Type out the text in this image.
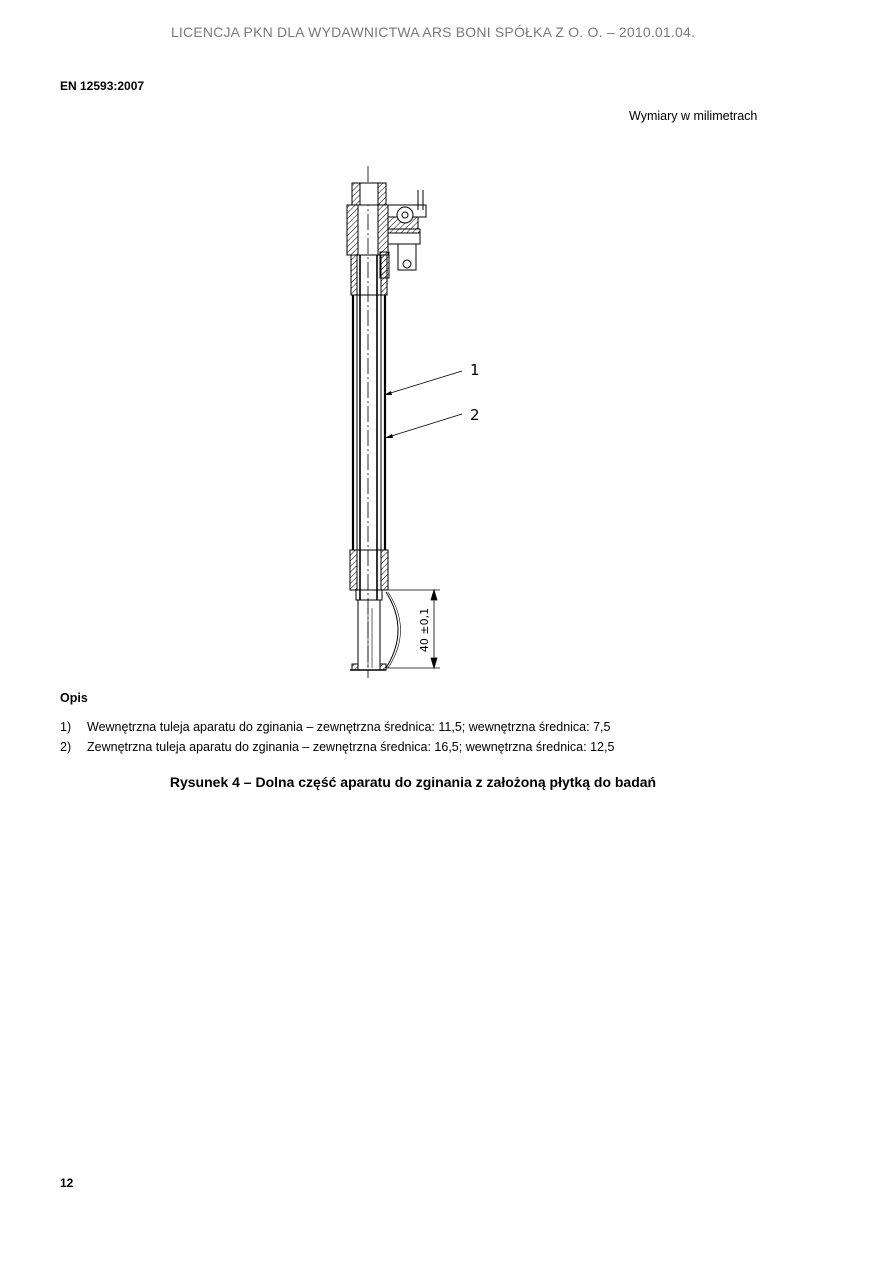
LICENCJA PKN DLA WYDAWNICTWA ARS BONI SPÓŁKA Z O. O. – 2010.01.04.
EN 12593:2007
Wymiary w milimetrach
40 ±0,1
1
2
Opis
1) Wewnętrzna tuleja aparatu do zginania – zewnętrzna średnica: 11,5; wewnętrzna średnica: 7,5
2) Zewnętrzna tuleja aparatu do zginania – zewnętrzna średnica: 16,5; wewnętrzna średnica: 12,5
Rysunek 4 – Dolna część aparatu do zginania z założoną płytką do badań
12
